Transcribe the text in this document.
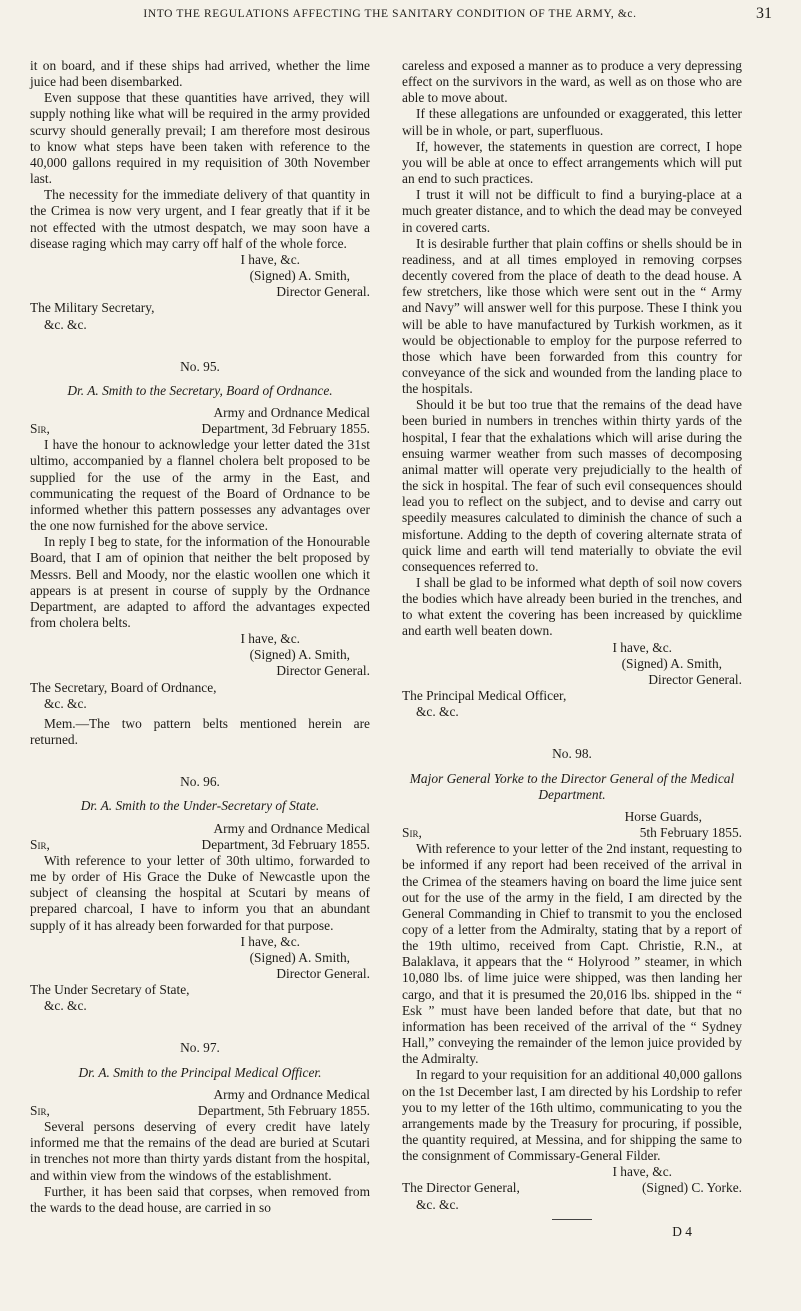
INTO THE REGULATIONS AFFECTING THE SANITARY CONDITION OF THE ARMY, &c.	31

it on board, and if these ships had arrived, whether the lime juice had been disembarked.

Even suppose that these quantities have arrived, they will supply nothing like what will be required in the army provided scurvy should generally prevail; I am therefore most desirous to know what steps have been taken with reference to the 40,000 gallons required in my requisition of 30th November last.

The necessity for the immediate delivery of that quantity in the Crimea is now very urgent, and I fear greatly that if it be not effected with the utmost despatch, we may soon have a disease raging which may carry off half of the whole force.

I have, &c.

(Signed) A. Smith,

Director General.

The Military Secretary,

&c. &c.

No. 95.

Dr. A. Smith to the Secretary, Board of Ordnance.

Army and Ordnance Medical

Sir,	Department, 3d February 1855.

I have the honour to acknowledge your letter dated the 31st ultimo, accompanied by a flannel cholera belt proposed to be supplied for the use of the army in the East, and communicating the request of the Board of Ordnance to be informed whether this pattern possesses any advantages over the one now furnished for the above service.

In reply I beg to state, for the information of the Honourable Board, that I am of opinion that neither the belt proposed by Messrs. Bell and Moody, nor the elastic woollen one which it appears is at present in course of supply by the Ordnance Department, are adapted to afford the advantages expected from cholera belts.

I have, &c.

(Signed) A. Smith,

Director General.

The Secretary, Board of Ordnance,

&c. &c.

Mem.—The two pattern belts mentioned herein are returned.

No. 96.

Dr. A. Smith to the Under-Secretary of State.

Army and Ordnance Medical

Sir,	Department, 3d February 1855.

With reference to your letter of 30th ultimo, forwarded to me by order of His Grace the Duke of Newcastle upon the subject of cleansing the hospital at Scutari by means of prepared charcoal, I have to inform you that an abundant supply of it has already been forwarded for that purpose.

I have, &c.

(Signed) A. Smith,

Director General.

The Under Secretary of State,

&c. &c.

No. 97.

Dr. A. Smith to the Principal Medical Officer.

Army and Ordnance Medical

Sir,	Department, 5th February 1855.

Several persons deserving of every credit have lately informed me that the remains of the dead are buried at Scutari in trenches not more than thirty yards distant from the hospital, and within view from the windows of the establishment.

Further, it has been said that corpses, when removed from the wards to the dead house, are carried in so

careless and exposed a manner as to produce a very depressing effect on the survivors in the ward, as well as on those who are able to move about.

If these allegations are unfounded or exaggerated, this letter will be in whole, or part, superfluous.

If, however, the statements in question are correct, I hope you will be able at once to effect arrangements which will put an end to such practices.

I trust it will not be difficult to find a burying-place at a much greater distance, and to which the dead may be conveyed in covered carts.

It is desirable further that plain coffins or shells should be in readiness, and at all times employed in removing corpses decently covered from the place of death to the dead house. A few stretchers, like those which were sent out in the “ Army and Navy” will answer well for this purpose. These I think you will be able to have manufactured by Turkish workmen, as it would be objectionable to employ for the purpose referred to those which have been forwarded from this country for conveyance of the sick and wounded from the landing place to the hospitals.

Should it be but too true that the remains of the dead have been buried in numbers in trenches within thirty yards of the hospital, I fear that the exhalations which will arise during the ensuing warmer weather from such masses of decomposing animal matter will operate very prejudicially to the health of the sick in hospital. The fear of such evil consequences should lead you to reflect on the subject, and to devise and carry out speedily measures calculated to diminish the chance of such a misfortune. Adding to the depth of covering alternate strata of quick lime and earth will tend materially to obviate the evil consequences referred to.

I shall be glad to be informed what depth of soil now covers the bodies which have already been buried in the trenches, and to what extent the covering has been increased by quicklime and earth well beaten down.

I have, &c.

(Signed) A. Smith,

Director General.

The Principal Medical Officer,

&c. &c.

No. 98.

Major General Yorke to the Director General of the Medical Department.

Horse Guards,

Sir,	5th February 1855.

With reference to your letter of the 2nd instant, requesting to be informed if any report had been received of the arrival in the Crimea of the steamers having on board the lime juice sent out for the use of the army in the field, I am directed by the General Commanding in Chief to transmit to you the enclosed copy of a letter from the Admiralty, stating that by a report of the 19th ultimo, received from Capt. Christie, R.N., at Balaklava, it appears that the “ Holyrood ” steamer, in which 10,080 lbs. of lime juice were shipped, was then landing her cargo, and that it is presumed the 20,016 lbs. shipped in the “ Esk ” must have been landed before that date, but that no information has been received of the arrival of the “ Sydney Hall,” conveying the remainder of the lemon juice provided by the Admiralty.

In regard to your requisition for an additional 40,000 gallons on the 1st December last, I am directed by his Lordship to refer you to my letter of the 16th ultimo, communicating to you the arrangements made by the Treasury for procuring, if possible, the quantity required, at Messina, and for shipping the same to the consignment of Commissary-General Filder.

I have, &c.

The Director General,	(Signed) C. Yorke.

&c. &c.

D 4
